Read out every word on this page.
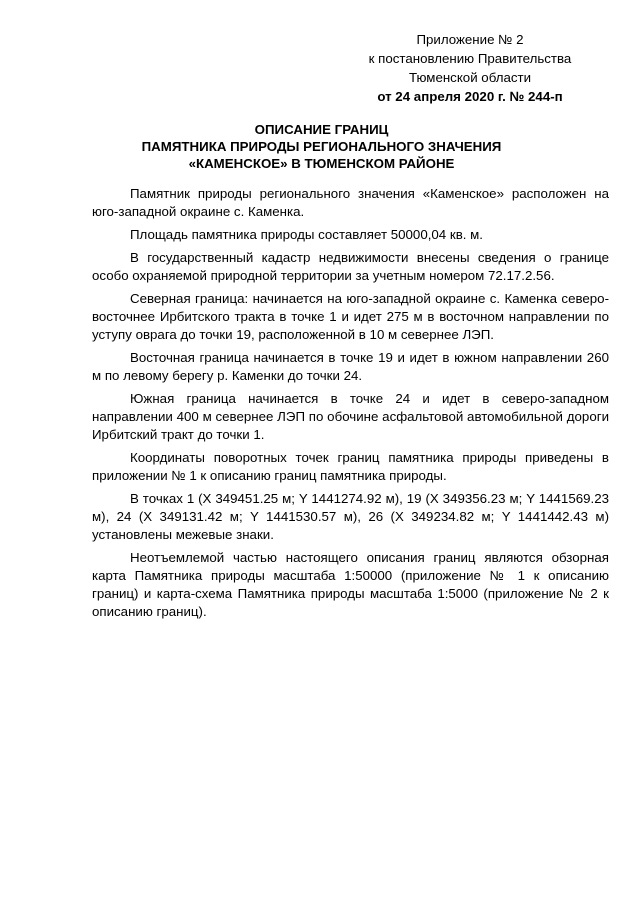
Приложение № 2
к постановлению Правительства
Тюменской области
от 24 апреля 2020 г. № 244-п
ОПИСАНИЕ ГРАНИЦ
ПАМЯТНИКА ПРИРОДЫ РЕГИОНАЛЬНОГО ЗНАЧЕНИЯ
«КАМЕНСКОЕ» В ТЮМЕНСКОМ РАЙОНЕ

Памятник природы регионального значения «Каменское» расположен на юго-западной окраине с. Каменка.

Площадь памятника природы составляет 50000,04 кв. м.

В государственный кадастр недвижимости внесены сведения о границе особо охраняемой природной территории за учетным номером 72.17.2.56.

Северная граница: начинается на юго-западной окраине с. Каменка северо-восточнее Ирбитского тракта в точке 1 и идет 275 м в восточном направлении по уступу оврага до точки 19, расположенной в 10 м севернее ЛЭП.

Восточная граница начинается в точке 19 и идет в южном направлении 260 м по левому берегу р. Каменки до точки 24.

Южная граница начинается в точке 24 и идет в северо-западном направлении 400 м севернее ЛЭП по обочине асфальтовой автомобильной дороги Ирбитский тракт до точки 1.

Координаты поворотных точек границ памятника природы приведены в приложении № 1 к описанию границ памятника природы.

В точках 1 (X 349451.25 м; Y 1441274.92 м), 19 (X 349356.23 м; Y 1441569.23 м), 24 (X 349131.42 м; Y 1441530.57 м), 26 (X 349234.82 м; Y 1441442.43 м) установлены межевые знаки.

Неотъемлемой частью настоящего описания границ являются обзорная карта Памятника природы масштаба 1:50000 (приложение № 1 к описанию границ) и карта-схема Памятника природы масштаба 1:5000 (приложение № 2 к описанию границ).
